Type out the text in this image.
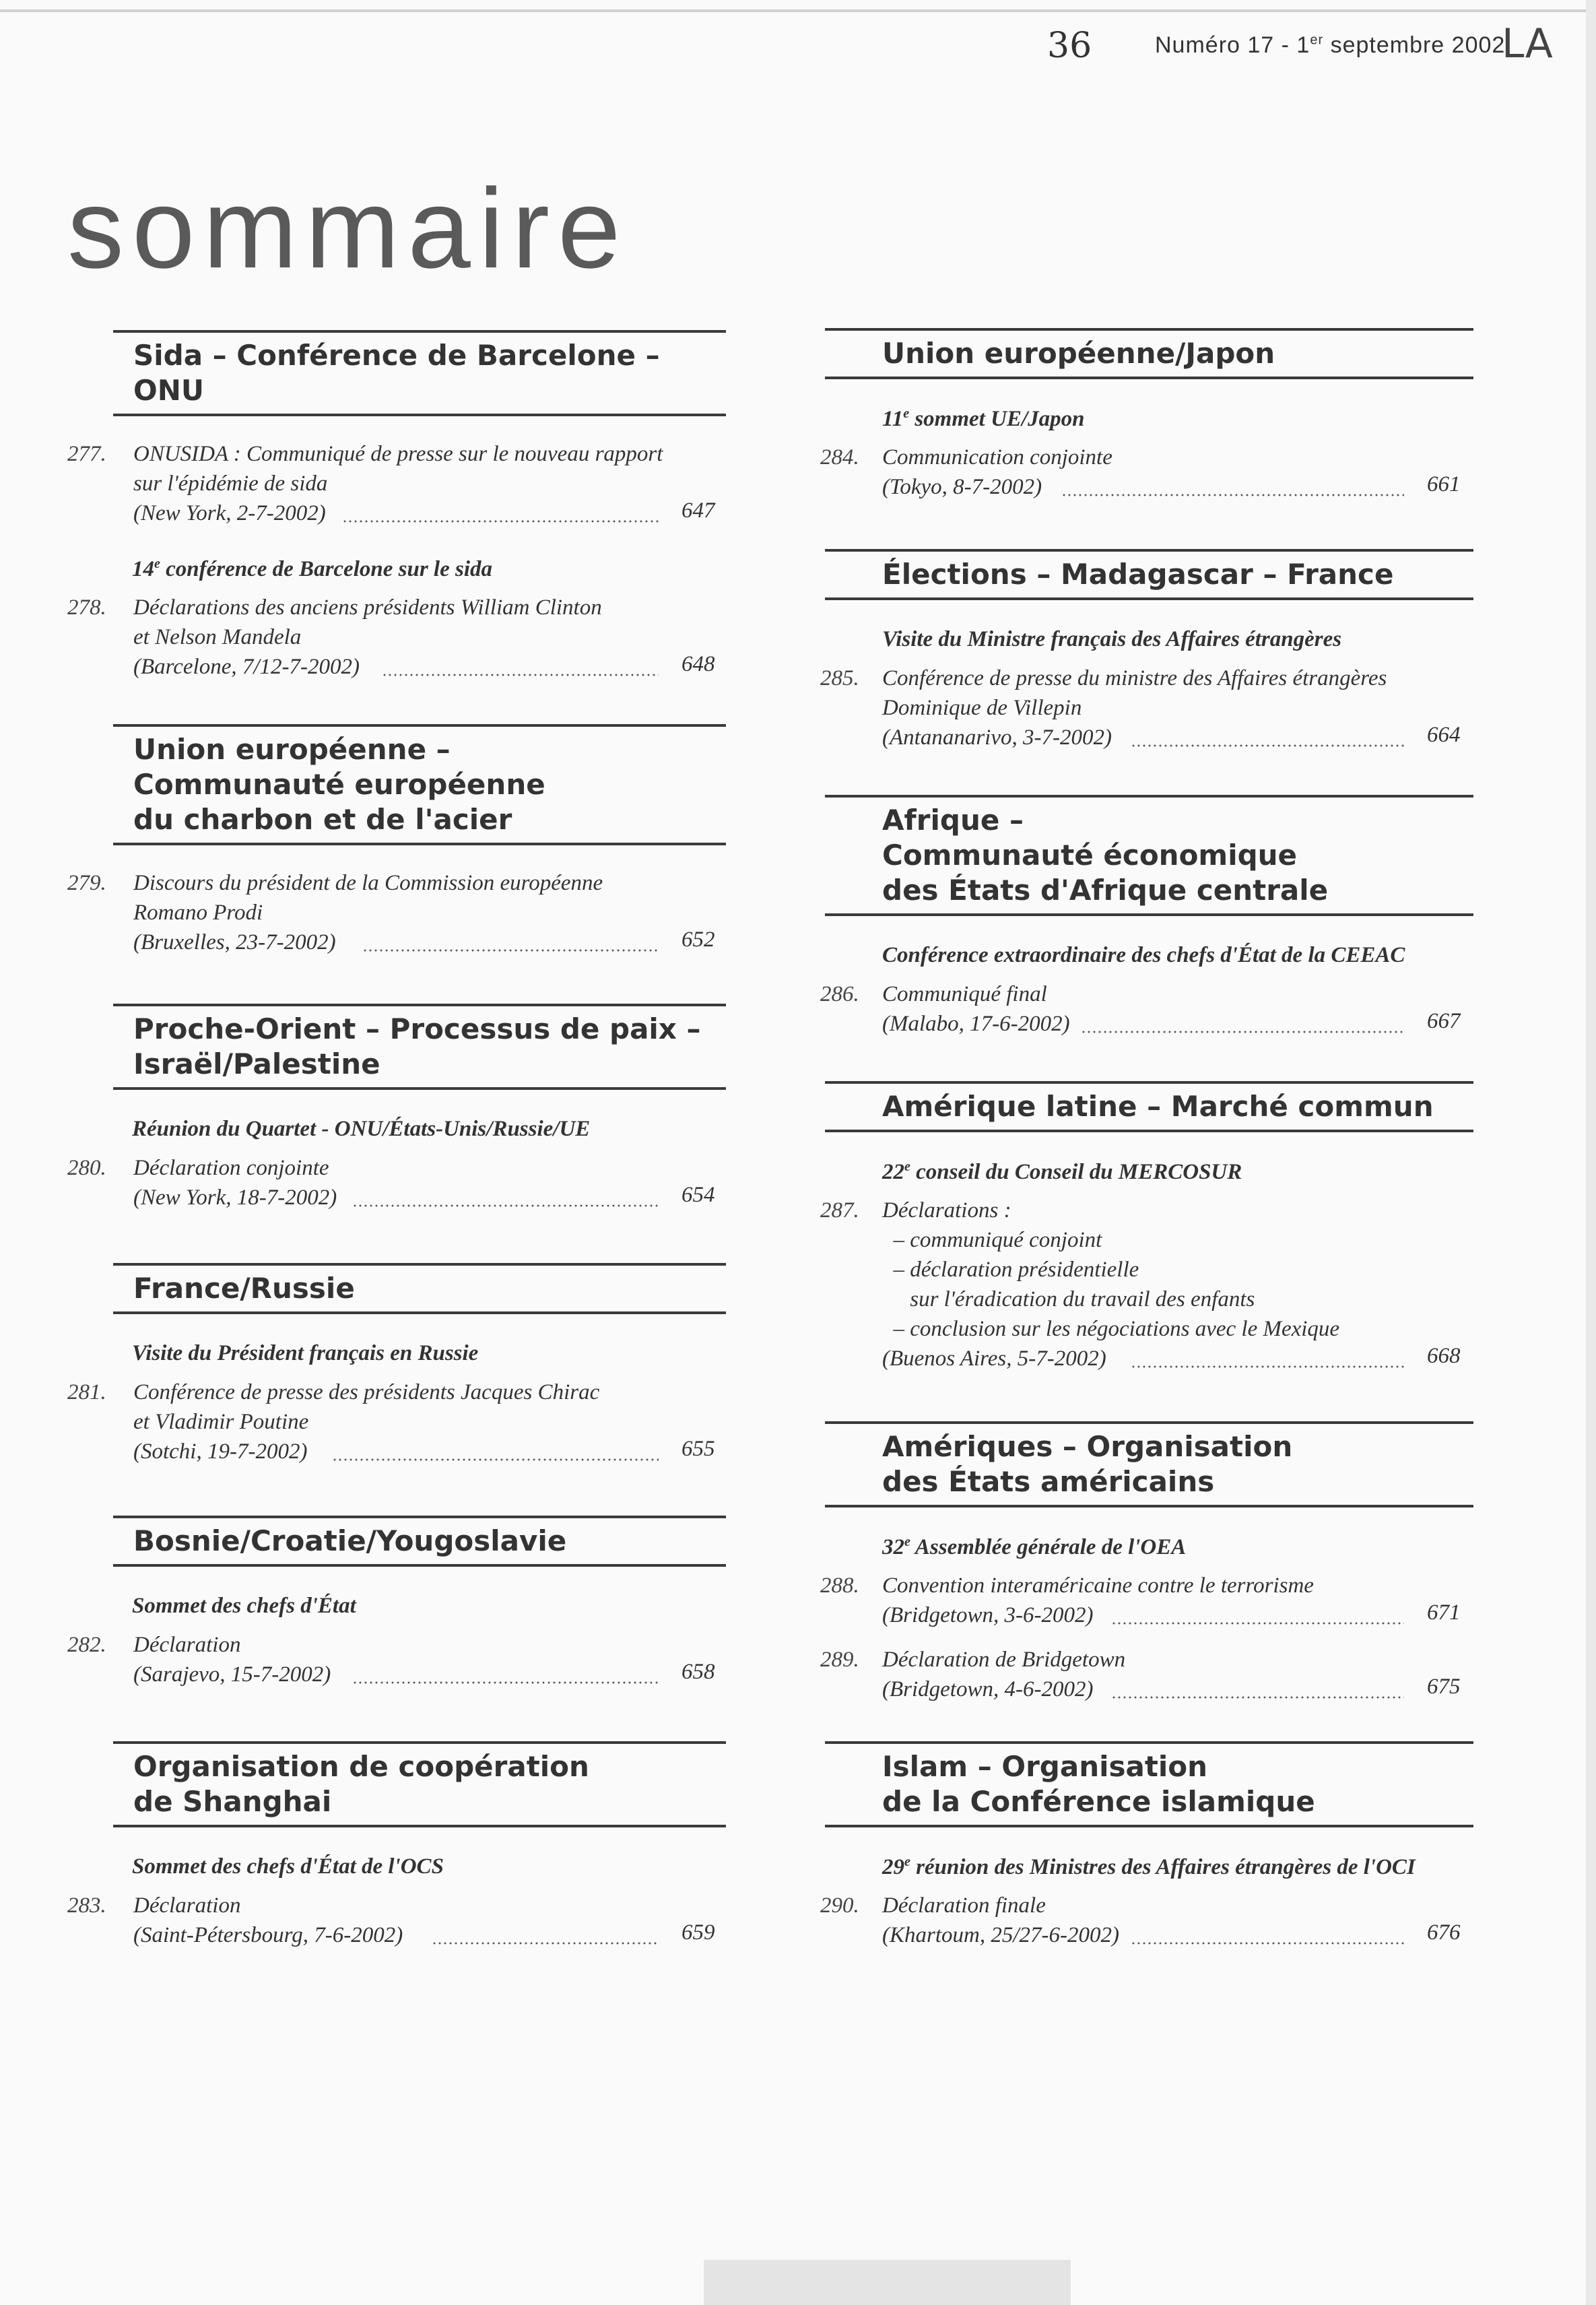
36	Numéro 17 - 1er septembre 2002
LA
sommaire
Sida – Conférence de Barcelone –
ONU
277. ONUSIDA : Communiqué de presse sur le nouveau rapport
sur l'épidémie de sida
(New York, 2-7-2002)	647
14e conférence de Barcelone sur le sida
278. Déclarations des anciens présidents William Clinton
et Nelson Mandela
(Barcelone, 7/12-7-2002)	648
Union européenne –
Communauté européenne
du charbon et de l'acier
279. Discours du président de la Commission européenne
Romano Prodi
(Bruxelles, 23-7-2002)	652
Proche-Orient – Processus de paix –
Israël/Palestine
Réunion du Quartet - ONU/États-Unis/Russie/UE
280. Déclaration conjointe
(New York, 18-7-2002)	654
France/Russie
Visite du Président français en Russie
281. Conférence de presse des présidents Jacques Chirac
et Vladimir Poutine
(Sotchi, 19-7-2002)	655
Bosnie/Croatie/Yougoslavie
Sommet des chefs d'État
282. Déclaration
(Sarajevo, 15-7-2002)	658
Organisation de coopération
de Shanghai
Sommet des chefs d'État de l'OCS
283. Déclaration
(Saint-Pétersbourg, 7-6-2002)	659
Union européenne/Japon
11e sommet UE/Japon
284. Communication conjointe
(Tokyo, 8-7-2002)	661
Élections – Madagascar – France
Visite du Ministre français des Affaires étrangères
285. Conférence de presse du ministre des Affaires étrangères
Dominique de Villepin
(Antananarivo, 3-7-2002)	664
Afrique –
Communauté économique
des États d'Afrique centrale
Conférence extraordinaire des chefs d'État de la CEEAC
286. Communiqué final
(Malabo, 17-6-2002)	667
Amérique latine – Marché commun
22e conseil du Conseil du MERCOSUR
287. Déclarations :
– communiqué conjoint
– déclaration présidentielle
sur l'éradication du travail des enfants
– conclusion sur les négociations avec le Mexique
(Buenos Aires, 5-7-2002)	668
Amériques – Organisation
des États américains
32e Assemblée générale de l'OEA
288. Convention interaméricaine contre le terrorisme
(Bridgetown, 3-6-2002)	671
289. Déclaration de Bridgetown
(Bridgetown, 4-6-2002)	675
Islam – Organisation
de la Conférence islamique
29e réunion des Ministres des Affaires étrangères de l'OCI
290. Déclaration finale
(Khartoum, 25/27-6-2002)	676
